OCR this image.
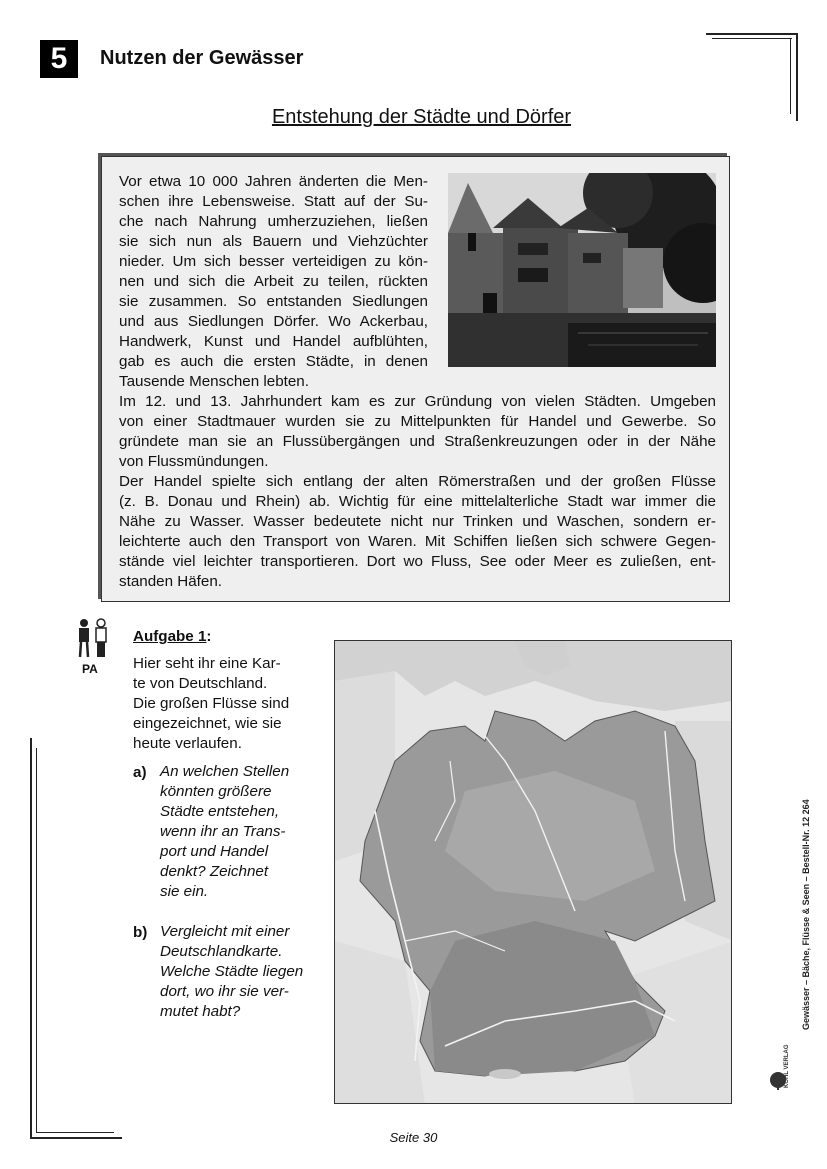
5	Nutzen der Gewässer
Entstehung der Städte und Dörfer
Vor etwa 10 000 Jahren änderten die Men-
schen ihre Lebensweise. Statt auf der Su-
che nach Nahrung umherzuziehen, ließen
sie sich nun als Bauern und Viehzüchter
nieder. Um sich besser verteidigen zu kön-
nen und sich die Arbeit zu teilen, rückten
sie zusammen. So entstanden Siedlungen
und aus Siedlungen Dörfer. Wo Ackerbau,
Handwerk, Kunst und Handel aufblühten,
gab es auch die ersten Städte, in denen
Tausende Menschen lebten.
Im 12. und 13. Jahrhundert kam es zur Gründung von vielen Städten. Umgeben
von einer Stadtmauer wurden sie zu Mittelpunkten für Handel und Gewerbe. So
gründete man sie an Flussübergängen und Straßenkreuzungen oder in der Nähe
von Flussmündungen.
Der Handel spielte sich entlang der alten Römerstraßen und der großen Flüsse
(z. B. Donau und Rhein) ab. Wichtig für eine mittelalterliche Stadt war immer die
Nähe zu Wasser. Wasser bedeutete nicht nur Trinken und Waschen, sondern er-
leichterte auch den Transport von Waren. Mit Schiffen ließen sich schwere Gegen-
stände viel leichter transportieren. Dort wo Fluss, See oder Meer es zuließen, ent-
standen Häfen.
PA
Aufgabe 1:
Hier seht ihr eine Kar-
te von Deutschland.
Die großen Flüsse sind
eingezeichnet, wie sie
heute verlaufen.
a) An welchen Stellen
könnten größere
Städte entstehen,
wenn ihr an Trans-
port und Handel
denkt? Zeichnet
sie ein.
b) Vergleicht mit einer
Deutschlandkarte.
Welche Städte liegen
dort, wo ihr sie ver-
mutet habt?	Gewässer – Bäche, Flüsse & Seen – Bestell-Nr. 12 264
KOHL VERLAG
Seite 30
